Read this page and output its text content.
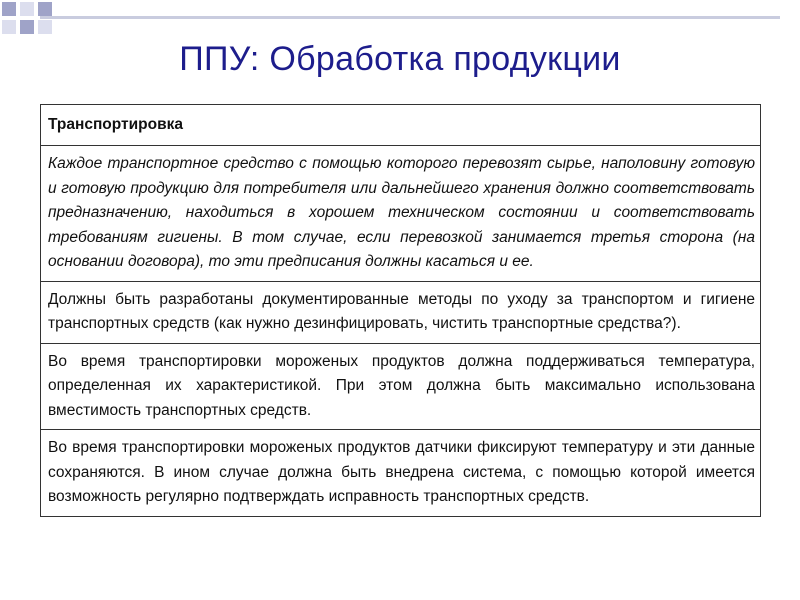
ППУ: Обработка продукции
Транспортировка
Каждое транспортное средство с помощью которого перевозят сырье, наполовину готовую и готовую продукцию для потребителя или дальнейшего хранения должно соответствовать предназначению, находиться в хорошем техническом состоянии и соответствовать требованиям гигиены. В том случае, если перевозкой занимается третья сторона (на основании договора), то эти предписания должны касаться и ее.
Должны быть разработаны документированные методы по уходу за транспортом и гигиене транспортных средств (как нужно дезинфицировать, чистить транспортные средства?).
Во время транспортировки мороженых продуктов должна поддерживаться температура, определенная их характеристикой. При этом должна быть максимально использована вместимость транспортных средств.
Во время транспортировки мороженых продуктов датчики фиксируют температуру и эти данные сохраняются. В ином случае должна быть внедрена система, с помощью которой имеется возможность регулярно подтверждать исправность транспортных средств.
